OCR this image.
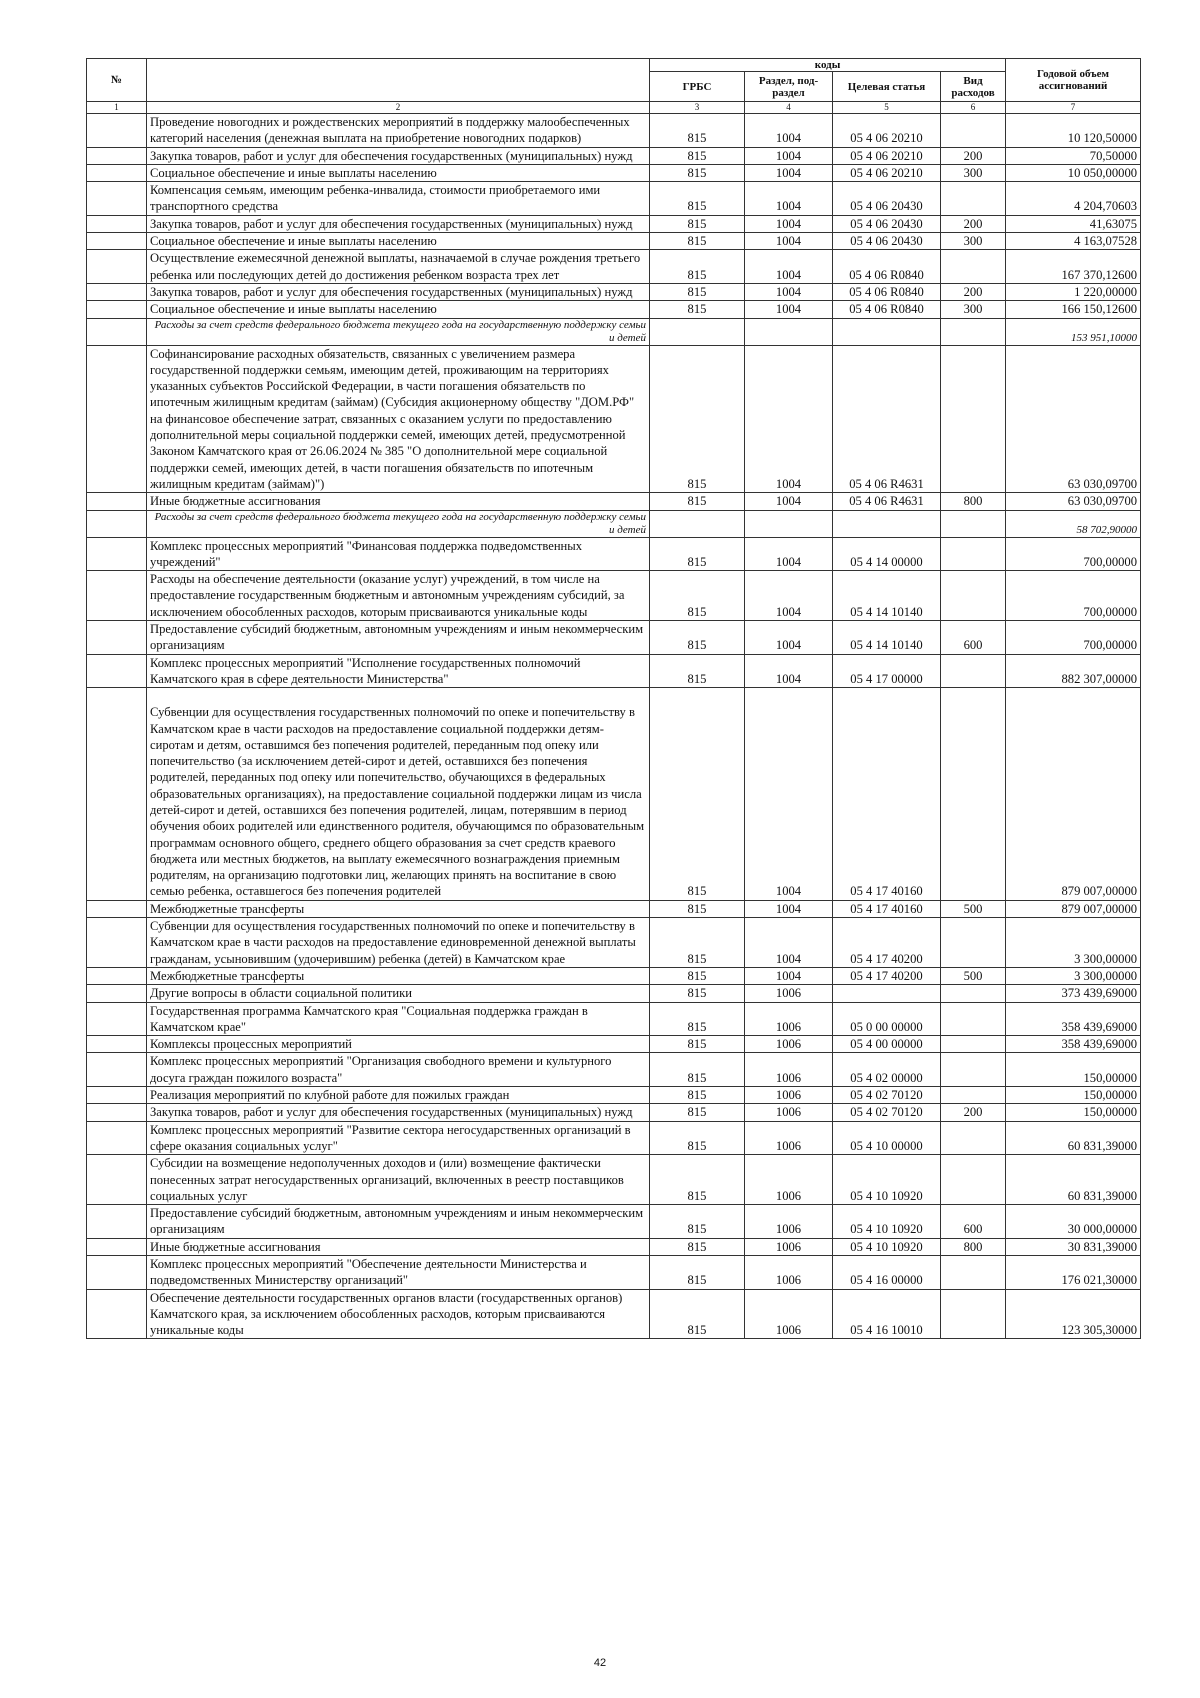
№		коды				Годовой объем ассигнований
		ГРБС	Раздел, под-раздел	Целевая статья	Вид расходов	
1	2	3	4	5	6	7
	Проведение новогодних и рождественских мероприятий в поддержку малообеспеченных категорий населения (денежная выплата на приобретение новогодних подарков)	815	1004	05 4 06 20210		10 120,50000
	Закупка товаров, работ и услуг для обеспечения государственных (муниципальных) нужд	815	1004	05 4 06 20210	200	70,50000
	Социальное обеспечение и иные выплаты населению	815	1004	05 4 06 20210	300	10 050,00000
	Компенсация семьям, имеющим ребенка-инвалида, стоимости приобретаемого ими транспортного средства	815	1004	05 4 06 20430		4 204,70603
	Закупка товаров, работ и услуг для обеспечения государственных (муниципальных) нужд	815	1004	05 4 06 20430	200	41,63075
	Социальное обеспечение и иные выплаты населению	815	1004	05 4 06 20430	300	4 163,07528
	Осуществление ежемесячной денежной выплаты, назначаемой в случае рождения третьего ребенка или последующих детей до достижения ребенком возраста трех лет	815	1004	05 4 06 R0840		167 370,12600
	Закупка товаров, работ и услуг для обеспечения государственных (муниципальных) нужд	815	1004	05 4 06 R0840	200	1 220,00000
	Социальное обеспечение и иные выплаты населению	815	1004	05 4 06 R0840	300	166 150,12600
	Расходы за счет средств федерального бюджета текущего года на государственную поддержку семьи и детей					153 951,10000
	Софинансирование расходных обязательств, связанных с увеличением размера государственной поддержки семьям, имеющим детей, проживающим на территориях указанных субъектов Российской Федерации, в части погашения обязательств по ипотечным жилищным кредитам (займам) (Субсидия акционерному обществу "ДОМ.РФ" на финансовое обеспечение затрат, связанных с оказанием услуги по предоставлению дополнительной меры социальной поддержки семей, имеющих детей, предусмотренной Законом Камчатского края от 26.06.2024 № 385 "О дополнительной мере социальной поддержки семей, имеющих детей, в части погашения обязательств по ипотечным жилищным кредитам (займам)")	815	1004	05 4 06 R4631		63 030,09700
	Иные бюджетные ассигнования	815	1004	05 4 06 R4631	800	63 030,09700
	Расходы за счет средств федерального бюджета текущего года на государственную поддержку семьи и детей					58 702,90000
	Комплекс процессных мероприятий "Финансовая поддержка подведомственных учреждений"	815	1004	05 4 14 00000		700,00000
	Расходы на обеспечение деятельности (оказание услуг) учреждений, в том числе на предоставление государственным бюджетным и автономным учреждениям субсидий, за исключением обособленных расходов, которым присваиваются уникальные коды	815	1004	05 4 14 10140		700,00000
	Предоставление субсидий бюджетным, автономным учреждениям и иным некоммерческим организациям	815	1004	05 4 14 10140	600	700,00000
	Комплекс процессных мероприятий "Исполнение государственных полномочий Камчатского края в сфере деятельности Министерства"	815	1004	05 4 17 00000		882 307,00000
	Субвенции для осуществления государственных полномочий по опеке и попечительству в Камчатском крае в части расходов на предоставление социальной поддержки детям-сиротам и детям, оставшимся без попечения родителей, переданным под опеку или попечительство (за исключением детей-сирот и детей, оставшихся без попечения родителей, переданных под опеку или попечительство, обучающихся в федеральных образовательных организациях), на предоставление социальной поддержки лицам из числа детей-сирот и детей, оставшихся без попечения родителей, лицам, потерявшим в период обучения обоих родителей или единственного родителя, обучающимся по образовательным программам основного общего, среднего общего образования за счет средств краевого бюджета или местных бюджетов, на выплату ежемесячного вознаграждения приемным родителям, на организацию подготовки лиц, желающих принять на воспитание в свою семью ребенка, оставшегося без попечения родителей	815	1004	05 4 17 40160		879 007,00000
	Межбюджетные трансферты	815	1004	05 4 17 40160	500	879 007,00000
	Субвенции для осуществления государственных полномочий по опеке и попечительству в Камчатском крае в части расходов на предоставление единовременной денежной выплаты гражданам, усыновившим (удочерившим) ребенка (детей) в Камчатском крае	815	1004	05 4 17 40200		3 300,00000
	Межбюджетные трансферты	815	1004	05 4 17 40200	500	3 300,00000
	Другие вопросы в области социальной политики	815	1006			373 439,69000
	Государственная программа Камчатского края "Социальная поддержка граждан в Камчатском крае"	815	1006	05 0 00 00000		358 439,69000
	Комплексы процессных мероприятий	815	1006	05 4 00 00000		358 439,69000
	Комплекс процессных мероприятий "Организация свободного времени и культурного досуга граждан пожилого возраста"	815	1006	05 4 02 00000		150,00000
	Реализация мероприятий по клубной работе для пожилых граждан	815	1006	05 4 02 70120		150,00000
	Закупка товаров, работ и услуг для обеспечения государственных (муниципальных) нужд	815	1006	05 4 02 70120	200	150,00000
	Комплекс процессных мероприятий "Развитие сектора негосударственных организаций в сфере оказания социальных услуг"	815	1006	05 4 10 00000		60 831,39000
	Субсидии на возмещение недополученных доходов и (или) возмещение фактически понесенных затрат негосударственных организаций, включенных в реестр поставщиков социальных услуг	815	1006	05 4 10 10920		60 831,39000
	Предоставление субсидий бюджетным, автономным учреждениям и иным некоммерческим организациям	815	1006	05 4 10 10920	600	30 000,00000
	Иные бюджетные ассигнования	815	1006	05 4 10 10920	800	30 831,39000
	Комплекс процессных мероприятий "Обеспечение деятельности Министерства и подведомственных Министерству организаций"	815	1006	05 4 16 00000		176 021,30000
	Обеспечение деятельности государственных органов власти (государственных органов) Камчатского края, за исключением обособленных расходов, которым присваиваются уникальные коды	815	1006	05 4 16 10010		123 305,30000
42
